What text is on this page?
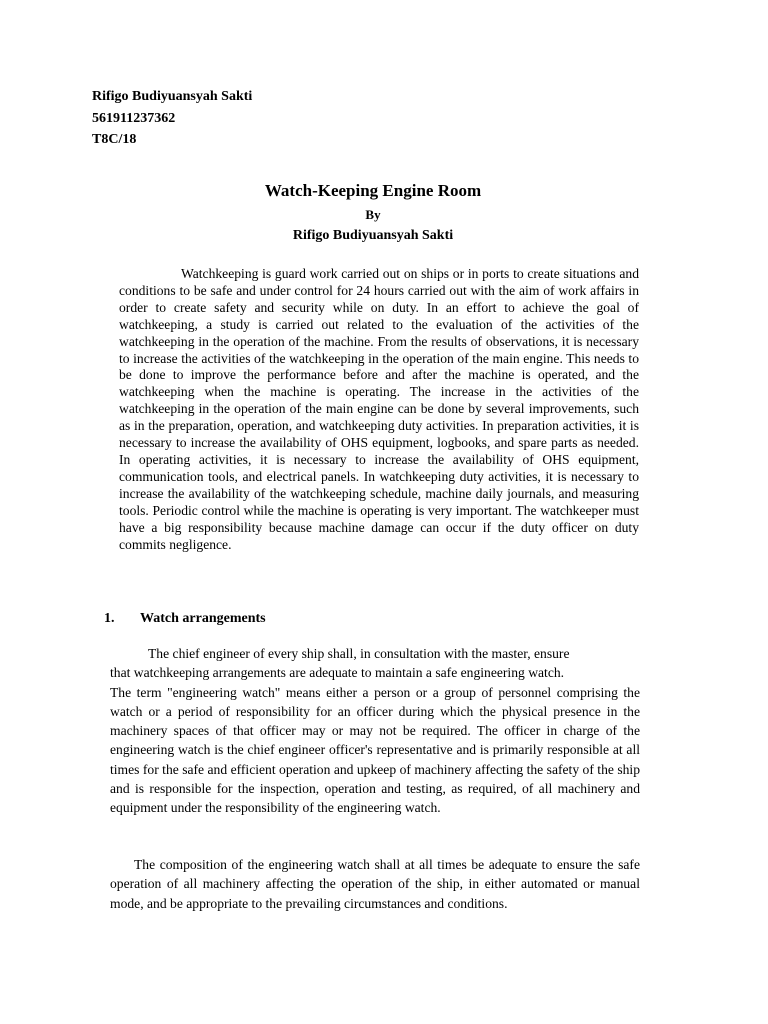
Rifigo Budiyuansyah Sakti
561911237362
T8C/18
Watch-Keeping Engine Room
By
Rifigo Budiyuansyah Sakti

Watchkeeping is guard work carried out on ships or in ports to create situations and conditions to be safe and under control for 24 hours carried out with the aim of work affairs in order to create safety and security while on duty. In an effort to achieve the goal of watchkeeping, a study is carried out related to the evaluation of the activities of the watchkeeping in the operation of the machine. From the results of observations, it is necessary to increase the activities of the watchkeeping in the operation of the main engine. This needs to be done to improve the performance before and after the machine is operated, and the watchkeeping when the machine is operating. The increase in the activities of the watchkeeping in the operation of the main engine can be done by several improvements, such as in the preparation, operation, and watchkeeping duty activities. In preparation activities, it is necessary to increase the availability of OHS equipment, logbooks, and spare parts as needed. In operating activities, it is necessary to increase the availability of OHS equipment, communication tools, and electrical panels. In watchkeeping duty activities, it is necessary to increase the availability of the watchkeeping schedule, machine daily journals, and measuring tools. Periodic control while the machine is operating is very important. The watchkeeper must have a big responsibility because machine damage can occur if the duty officer on duty commits negligence.

1. Watch arrangements
The chief engineer of every ship shall, in consultation with the master, ensure
that watchkeeping arrangements are adequate to maintain a safe engineering watch.
The term "engineering watch" means either a person or a group of personnel comprising the watch or a period of responsibility for an officer during which the physical presence in the machinery spaces of that officer may or may not be required. The officer in charge of the engineering watch is the chief engineer officer's representative and is primarily responsible at all times for the safe and efficient operation and upkeep of machinery affecting the safety of the ship and is responsible for the inspection, operation and testing, as required, of all machinery and equipment under the responsibility of the engineering watch.

The composition of the engineering watch shall at all times be adequate to ensure the safe operation of all machinery affecting the operation of the ship, in either automated or manual mode, and be appropriate to the prevailing circumstances and conditions.
